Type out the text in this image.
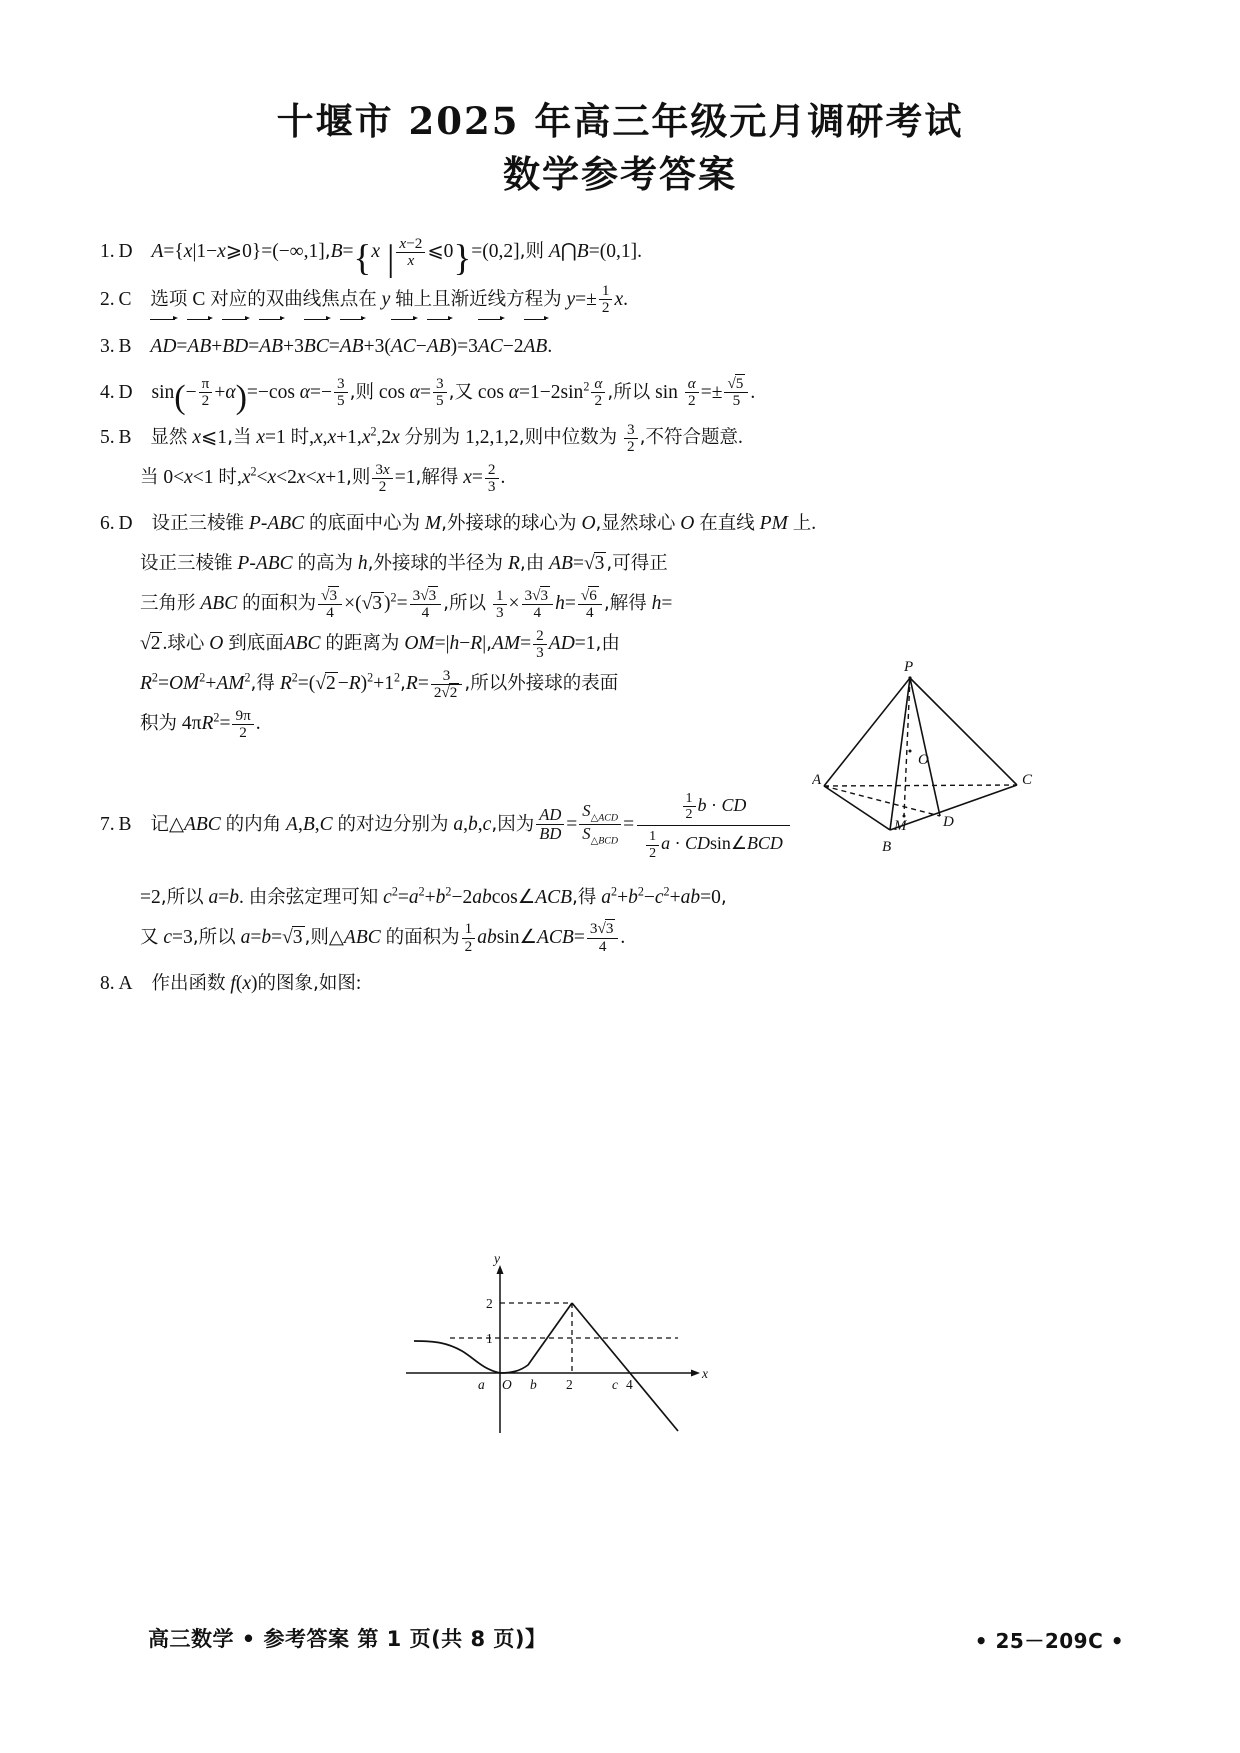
十堰市 2025 年高三年级元月调研考试
数学参考答案
1. D A={x|1−x⩾0}=(−∞,1],B={x | $\frac{x-2}{x}$ ⩽0}=(0,2],则 A⋂B=(0,1].
2. C 选项 C 对应的双曲线焦点在 y 轴上且渐近线方程为 $y=\pm \frac{1}{2} x$.
3. B AD=
AB+
BD=
AB+3
BC=
AB+3(
AC−
AB)=3
AC−2
AB.
4. D $\sin(- \frac{\pi}{2} +\alpha)=-\cos$ $\alpha=- \frac{3}{5}$ ,则 $\cos \alpha= \frac{3}{5}$ ,又 $\cos \alpha=1-2\sin^2 \frac{\alpha}{2}$ ,所以 $\sin \frac{\alpha}{2} =\pm \frac{√5}{5}$ .
5. B 显然 x⩽1,当 x=1 时$,x,x+1,x^2,2x$ 分别为 1,2,1,2,则中位数为 $\frac{3}{2}$ ,不符合题意.
当 0<x<1 时$,x^2<x<2x<x+1$,则 $\frac{3x}{2} =1$,解得 $x= \frac{2}{3}$ .
6. D 设正三棱锥 P-ABC 的底面中心为 M,外接球的球心为 O,显然球心 O 在直线 PM 上.
设正三棱锥 P-ABC 的高为 h,外接球的半径为 R,由 AB=√3 ,可得正
三角形 ABC 的面积为 $\frac{√3}{4} \times(√3$ )$^2= \frac{3√3}{4}$ ,所以 $\frac{1}{3} \times \frac{3√3}{4} h= \frac{√6}{4}$ ,解得 h=
√2 .球心 O 到底面ABC 的距离为 $OM=|h-R|,AM= \frac{2}{3} AD=1$,由
$R^2=OM^2+AM^2$,得 $R^2=(√2 -R)^2+1^2,R= \frac{3}{2√2}$ ,所以外接球的表面
积为 $4\pi R^2= \frac{9\pi}{2}$ .
7. B 记△ABC 的内角 A,B,C 的对边分别为 a,b,c,因为 $\frac{AD}{BD} = \frac{S_{\triangle ACD}}{S_{\triangle BCD}}$ =
$\frac{1}{2}$ b · CD
$\frac{1}{2}$ a · CDsin∠BCD
=2,所以 a=b. 由余弦定理可知 $c^2=a^2+b^2-2abcos\angle ACB$,得 $a^2+b^2-c^2+ab=0$,
又 c=3,所以 a=b=√3 ,则△ABC 的面积为 $\frac{1}{2}$ absin∠ACB= $\frac{3√3}{4}$ .
8. A 作出函数 f(x)的图象,如图:
P
O
A	C
M D
B
2
1
y
x
a O b 2	c 4
高三数学 • 参考答案 第 1 页(共 8 页)】	• 25－209C •
